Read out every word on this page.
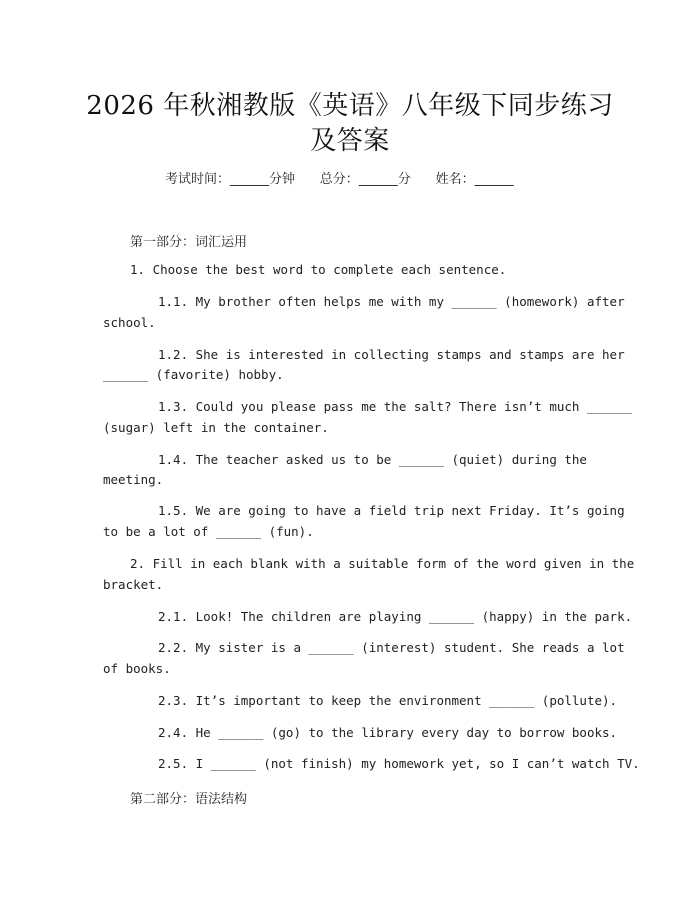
2026 年秋湘教版《英语》八年级下同步练习
及答案
考试时间：______分钟      总分：______分      姓名：______
第一部分：词汇运用
1. Choose the best word to complete each sentence.
1.1. My brother often helps me with my ______ (homework) after
school.
1.2. She is interested in collecting stamps and stamps are her
______ (favorite) hobby.
1.3. Could you please pass me the salt? There isn’t much ______
(sugar) left in the container.
1.4. The teacher asked us to be ______ (quiet) during the
meeting.
1.5. We are going to have a field trip next Friday. It’s going
to be a lot of ______ (fun).
2. Fill in each blank with a suitable form of the word given in the
bracket.
2.1. Look! The children are playing ______ (happy) in the park.
2.2. My sister is a ______ (interest) student. She reads a lot
of books.
2.3. It’s important to keep the environment ______ (pollute).
2.4. He ______ (go) to the library every day to borrow books.
2.5. I ______ (not finish) my homework yet, so I can’t watch TV.
第二部分：语法结构
